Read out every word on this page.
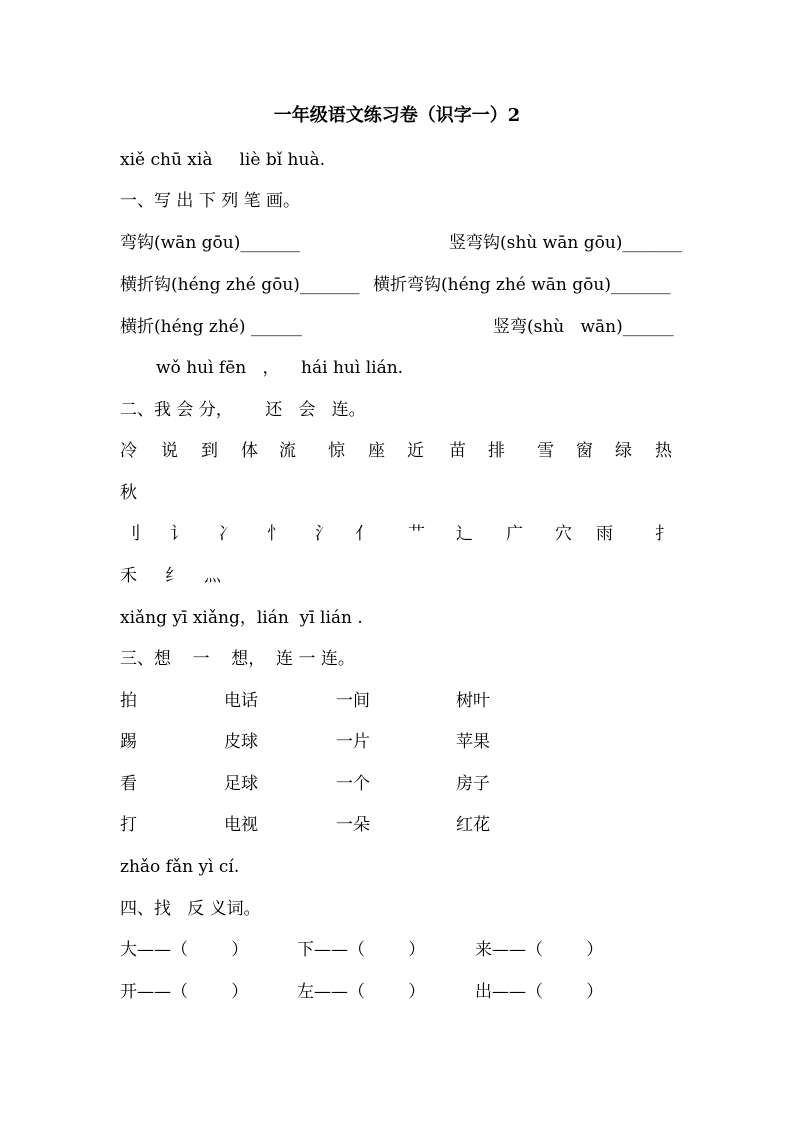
一年级语文练习卷（识字一）2
xiě chū xià     liè bǐ huà.
一、写 出 下 列 笔 画。
弯钩(wān gōu)_______	竖弯钩(shù wān gōu)_______
横折钩(héng zhé gōu)_______ 横折弯钩(héng zhé wān gōu)_______
横折(héng zhé) ______	竖弯(shù   wān)______
wǒ huì fēn   ，    hái huì lián.
二、我 会 分，      还   会   连。
冷 说 到 体 流 惊 座 近 苗 排 雪 窗 绿 热
秋
刂 讠 冫 忄 氵 亻 艹 辶 广 穴 雨 扌
禾 纟 灬
xiǎng yī xiǎng，lián  yī lián .
三、想    一    想，  连 一 连。
拍	电话	一间	树叶
踢	皮球	一片	苹果
看	足球	一个	房子
打	电视	一朵	红花
zhǎo fǎn yì cí.
四、找   反 义词。
大——（        ）	下——（        ）	来——（        ）
开——（        ）	左——（        ）	出——（        ）
